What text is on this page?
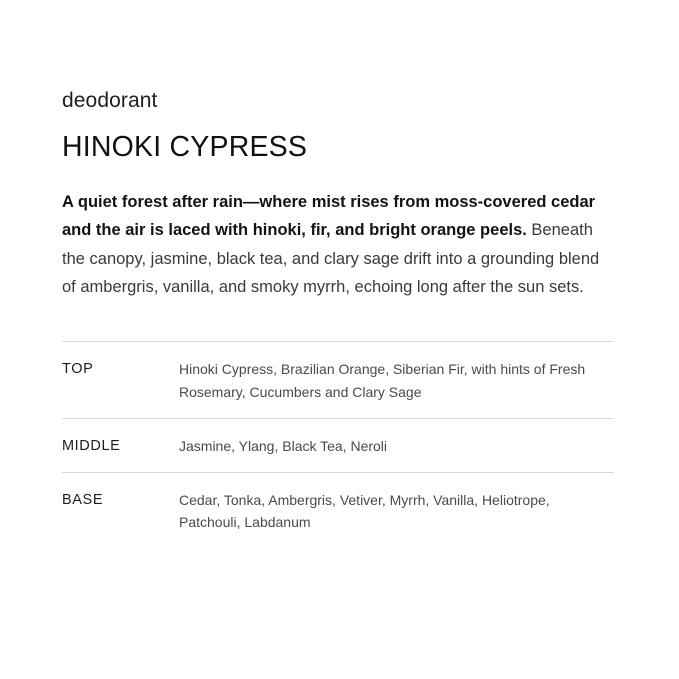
deodorant
HINOKI CYPRESS

A quiet forest after rain—where mist rises from moss-covered cedar and the air is laced with hinoki, fir, and bright orange peels. Beneath the canopy, jasmine, black tea, and clary sage drift into a grounding blend of ambergris, vanilla, and smoky myrrh, echoing long after the sun sets.

TOP	Hinoki Cypress, Brazilian Orange, Siberian Fir, with hints of Fresh Rosemary, Cucumbers and Clary Sage
MIDDLE	Jasmine, Ylang, Black Tea, Neroli
BASE	Cedar, Tonka, Ambergris, Vetiver, Myrrh, Vanilla, Heliotrope, Patchouli, Labdanum
